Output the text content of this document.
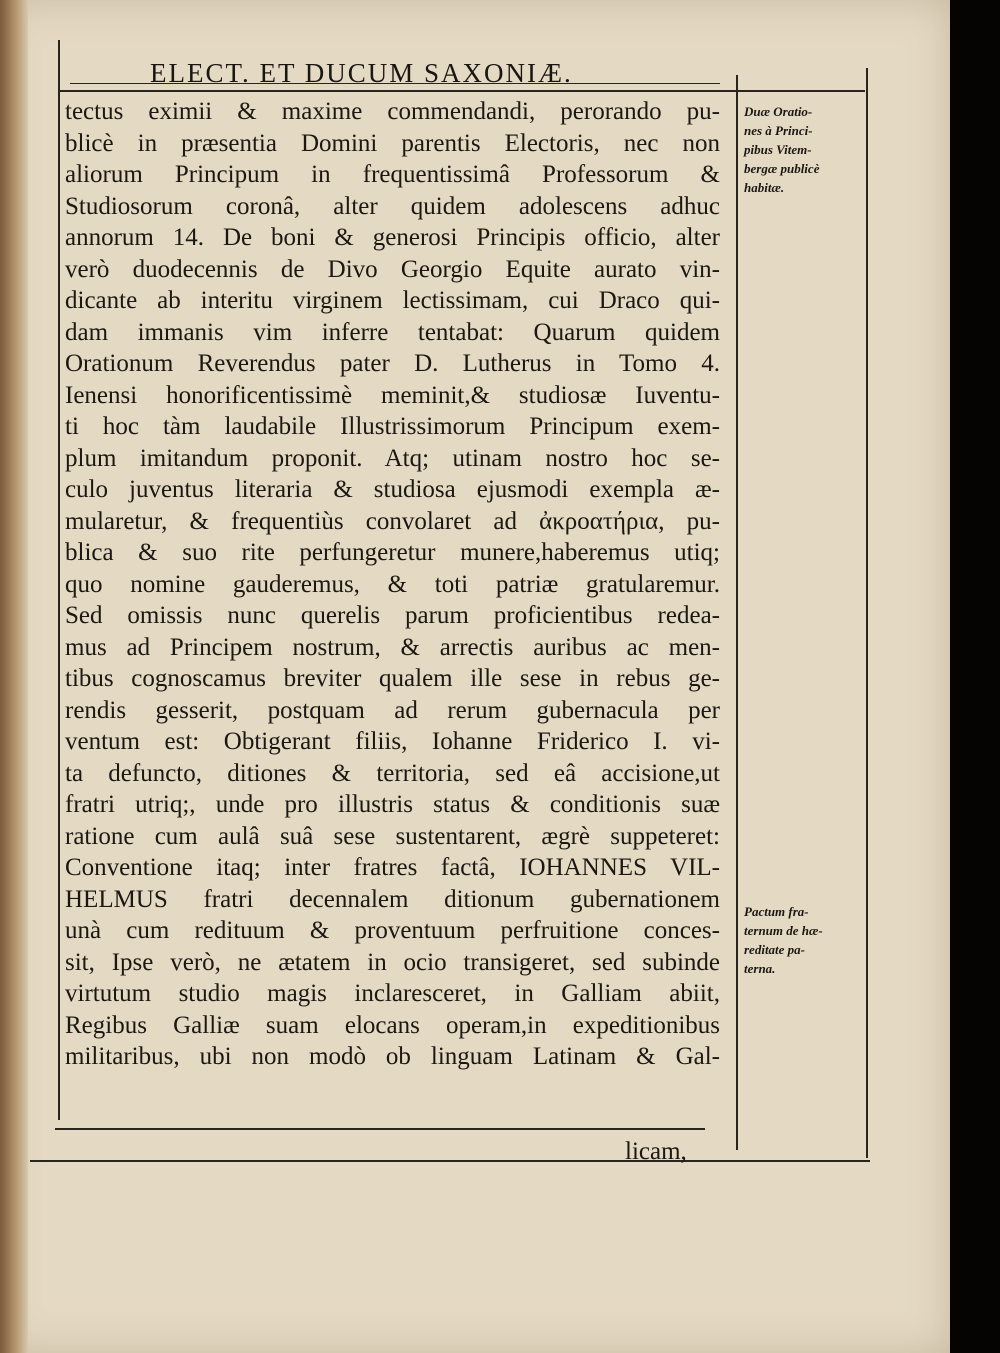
ELECT. ET DUCUM SAXONIÆ.
tectus eximii & maxime commendandi, perorando pu-
blicè in præsentia Domini parentis Electoris, nec non
aliorum Principum in frequentissimâ Professorum &
Studiosorum coronâ, alter quidem adolescens adhuc
annorum 14. De boni & generosi Principis officio, alter
verò duodecennis de Divo Georgio Equite aurato vin-
dicante ab interitu virginem lectissimam, cui Draco qui-
dam immanis vim inferre tentabat: Quarum quidem
Orationum Reverendus pater D. Lutherus in Tomo 4.
Ienensi honorificentissimè meminit,& studiosæ Iuventu-
ti hoc tàm laudabile Illustrissimorum Principum exem-
plum imitandum proponit. Atq; utinam nostro hoc se-
culo juventus literaria & studiosa ejusmodi exempla æ-
mularetur, & frequentiùs convolaret ad ἀκροατήρια, pu-
blica & suo rite perfungeretur munere,haberemus utiq;
quo nomine gauderemus, & toti patriæ gratularemur.
Sed omissis nunc querelis parum proficientibus redea-
mus ad Principem nostrum, & arrectis auribus ac men-
tibus cognoscamus breviter qualem ille sese in rebus ge-
rendis gesserit, postquam ad rerum gubernacula per
ventum est: Obtigerant filiis, Iohanne Friderico I. vi-
ta defuncto, ditiones & territoria, sed eâ accisione,ut
fratri utriq;, unde pro illustris status & conditionis suæ
ratione cum aulâ suâ sese sustentarent, ægrè suppeteret:
Conventione itaq; inter fratres factâ, IOHANNES VIL-
HELMUS fratri decennalem ditionum gubernationem
unà cum redituum & proventuum perfruitione conces-
sit, Ipse verò, ne ætatem in ocio transigeret, sed subinde
virtutum studio magis inclaresceret, in Galliam abiit,
Regibus Galliæ suam elocans operam,in expeditionibus
militaribus, ubi non modò ob linguam Latinam & Gal-
licam,
Duæ Oratio-
nes à Princi-
pibus Vitem-
bergæ publicè
habitæ.
Pactum fra-
ternum de hæ-
reditate pa-
terna.
